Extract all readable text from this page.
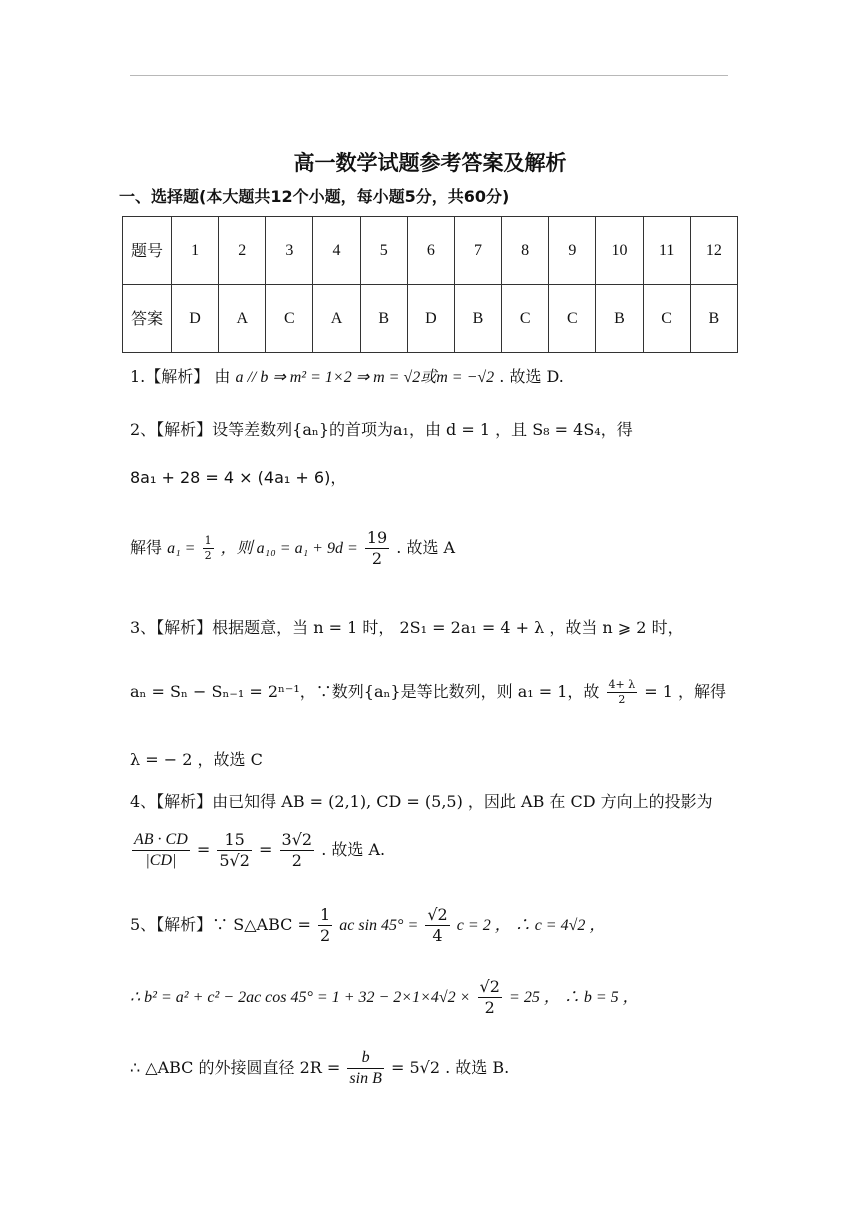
高一数学试题参考答案及解析
一、选择题(本大题共12个小题，每小题5分，共60分)
题号	1	2	3	4	5	6	7	8	9	10	11	12
答案	D	A	C	A	B	D	B	C	C	B	C	B
1.【解析】 由 a // b ⇒ m² = 1×2 ⇒ m = √2或m = −√2 . 故选 D.
2、【解析】设等差数列{aₙ}的首项为a₁，由 d = 1 ，且 S₈ = 4S₄，得
8a₁ + 28 = 4 × (4a₁ + 6)，
解得 $a_1 = \frac{1}{2}$ ，则 $a_{10} = a_1 + 9d = \frac{19}{2}$ . 故选 A
3、【解析】根据题意，当 n = 1 时， 2S₁ = 2a₁ = 4 + λ ，故当 n ⩾ 2 时，
aₙ = Sₙ − Sₙ₋₁ = 2ⁿ⁻¹，∵数列{aₙ}是等比数列，则 a₁ = 1，故 $\frac{4+ \lambda}{2} = 1$ ，解得
λ = − 2 ，故选 C
4、【解析】由已知得 AB = (2,1), CD = (5,5) ，因此 AB 在 CD 方向上的投影为
$\frac{AB \cdot CD}{|CD|} = \frac{15}{5√2} = \frac{3√2}{2}$ . 故选 A.
5、【解析】∵ S△ABC = $\frac{1}{2}$ ac $\sin 45^\circ = \frac{√2}{4}$ c = 2 ， ∴ c = 4√2 ，
∴ b² = a² + c² − 2ac $\cos 45^\circ = 1 + 32 - 2\times 1\times 4√2 \times \frac{√2}{2} = 25$ ， ∴ b = 5 ，
∴ △ABC 的外接圆直径 $2R = \frac{b}{\text{sin B}} = 5√2$ . 故选 B.
